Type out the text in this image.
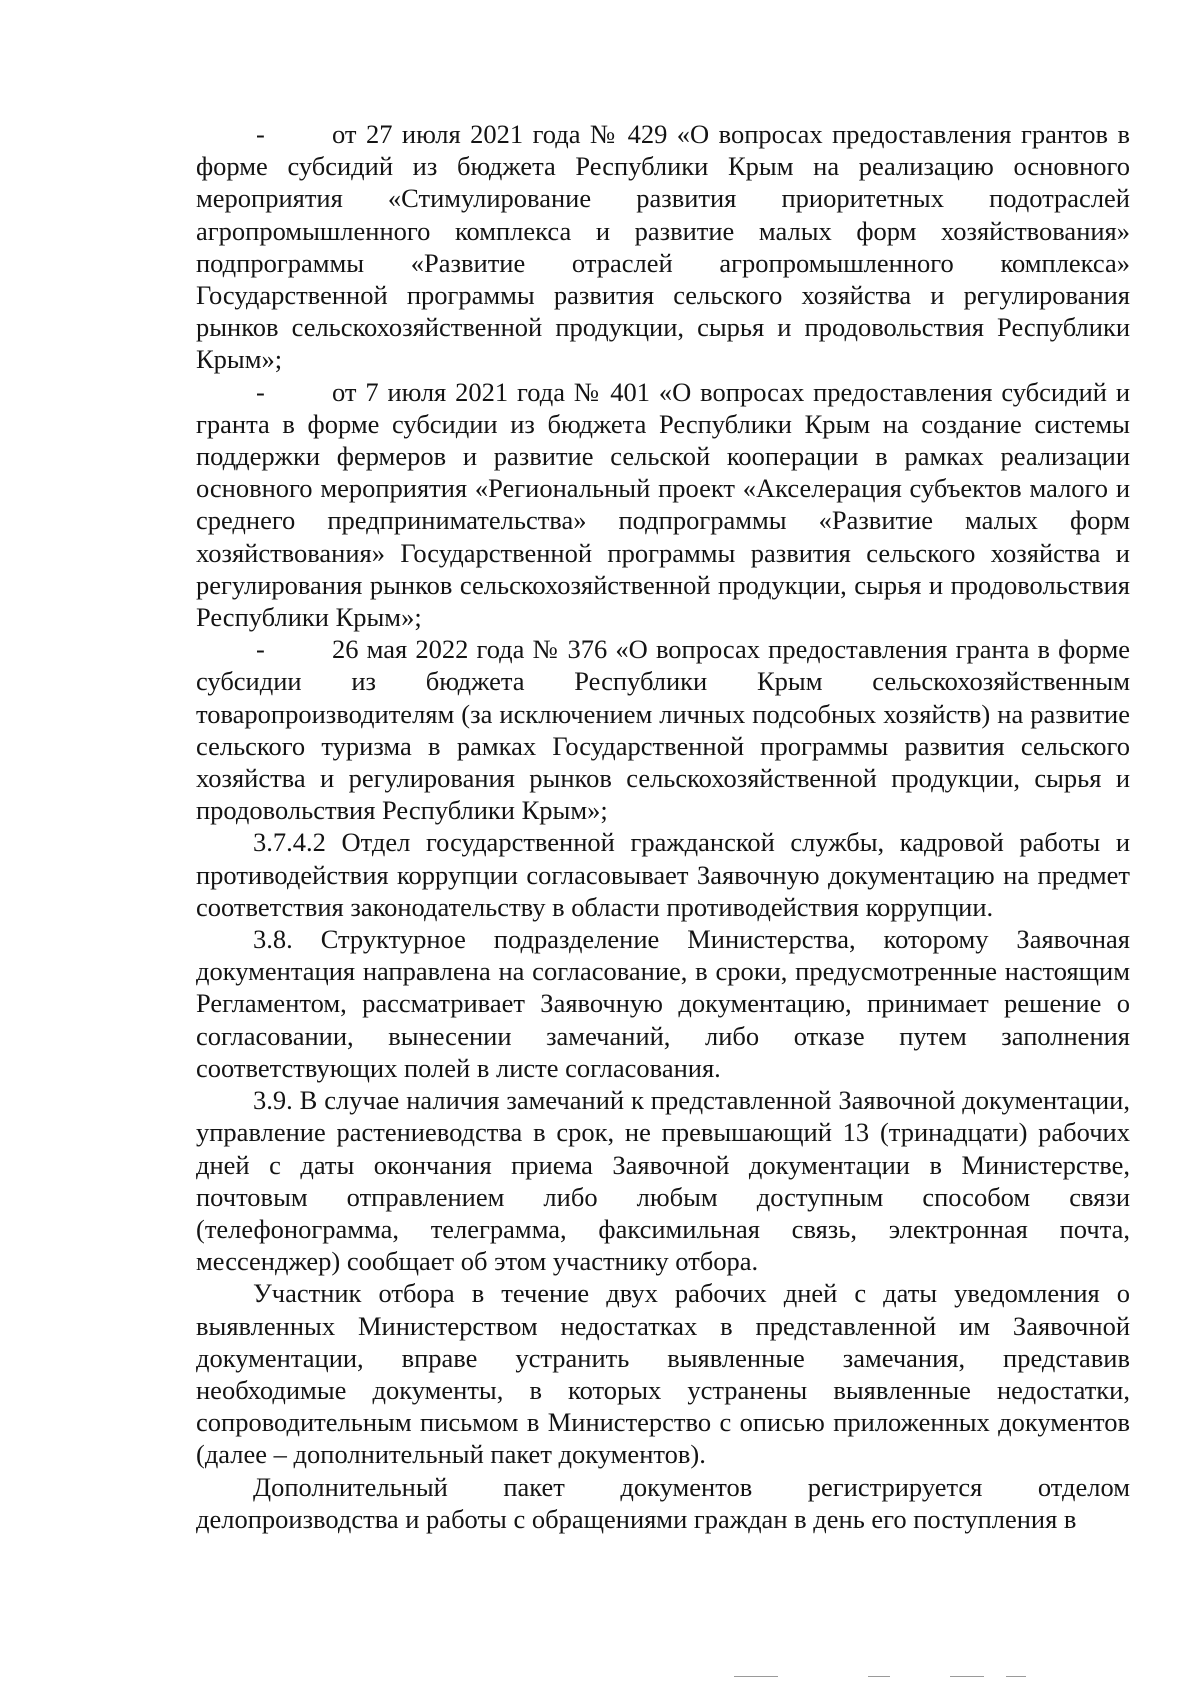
-	от 27 июля 2021 года № 429 «О вопросах предоставления грантов в форме субсидий из бюджета Республики Крым на реализацию основного мероприятия «Стимулирование развития приоритетных подотраслей агропромышленного комплекса и развитие малых форм хозяйствования» подпрограммы «Развитие отраслей агропромышленного комплекса» Государственной программы развития сельского хозяйства и регулирования рынков сельскохозяйственной продукции, сырья и продовольствия Республики Крым»;

-	от 7 июля 2021 года № 401 «О вопросах предоставления субсидий и гранта в форме субсидии из бюджета Республики Крым на создание системы поддержки фермеров и развитие сельской кооперации в рамках реализации основного мероприятия «Региональный проект «Акселерация субъектов малого и среднего предпринимательства» подпрограммы «Развитие малых форм хозяйствования» Государственной программы развития сельского хозяйства и регулирования рынков сельскохозяйственной продукции, сырья и продовольствия Республики Крым»;

-	26 мая 2022 года № 376 «О вопросах предоставления гранта в форме субсидии из бюджета Республики Крым сельскохозяйственным товаропроизводителям (за исключением личных подсобных хозяйств) на развитие сельского туризма в рамках Государственной программы развития сельского хозяйства и регулирования рынков сельскохозяйственной продукции, сырья и продовольствия Республики Крым»;

3.7.4.2 Отдел государственной гражданской службы, кадровой работы и противодействия коррупции согласовывает Заявочную документацию на предмет соответствия законодательству в области противодействия коррупции.

3.8. Структурное подразделение Министерства, которому Заявочная документация направлена на согласование, в сроки, предусмотренные настоящим Регламентом, рассматривает Заявочную документацию, принимает решение о согласовании, вынесении замечаний, либо отказе путем заполнения соответствующих полей в листе согласования.

3.9. В случае наличия замечаний к представленной Заявочной документации, управление растениеводства в срок, не превышающий 13 (тринадцати) рабочих дней с даты окончания приема Заявочной документации в Министерстве, почтовым отправлением либо любым доступным способом связи (телефонограмма, телеграмма, факсимильная связь, электронная почта, мессенджер) сообщает об этом участнику отбора.

Участник отбора в течение двух рабочих дней с даты уведомления о выявленных Министерством недостатках в представленной им Заявочной документации, вправе устранить выявленные замечания, представив необходимые документы, в которых устранены выявленные недостатки, сопроводительным письмом в Министерство с описью приложенных документов (далее – дополнительный пакет документов).

Дополнительный пакет документов регистрируется отделом делопроизводства и работы с обращениями граждан в день его поступления в
